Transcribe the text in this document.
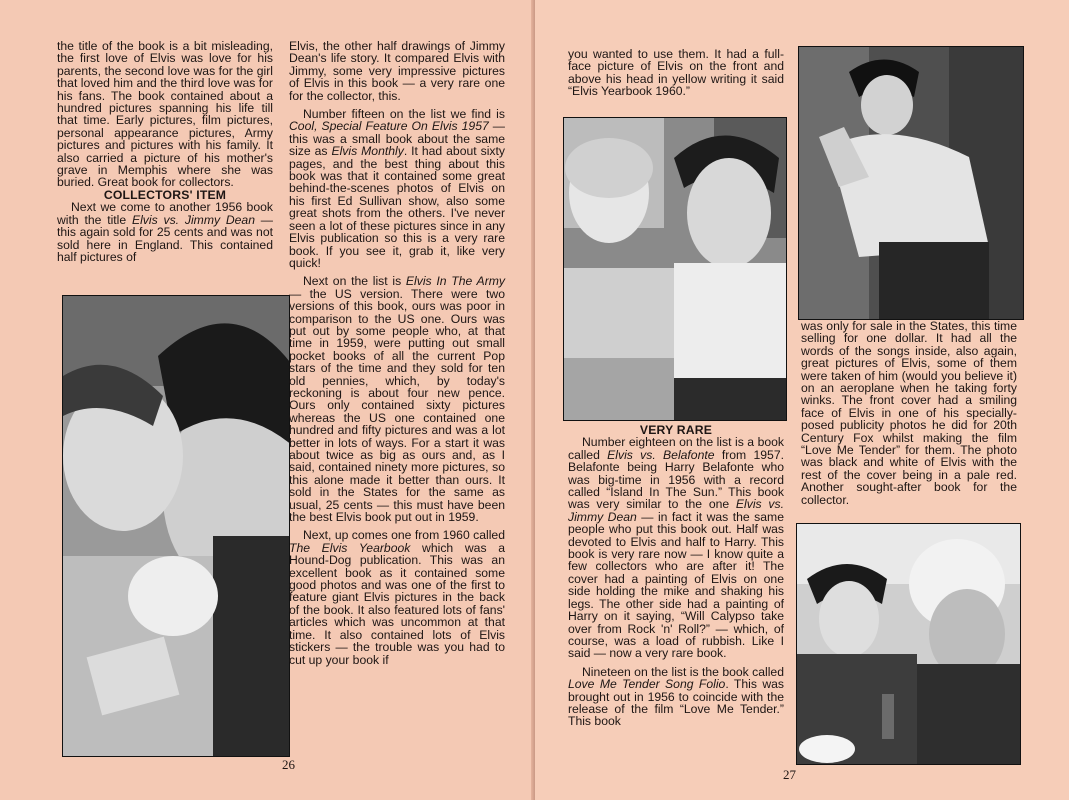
the title of the book is a bit misleading, the first love of Elvis was love for his parents, the second love was for the girl that loved him and the third love was for his fans. The book contained about a hundred pictures spanning his life till that time. Early pictures, film pictures, personal appearance pictures, Army pictures and pictures with his family. It also carried a picture of his mother's grave in Memphis where she was buried. Great book for collectors.

COLLECTORS' ITEM

Next we come to another 1956 book with the title Elvis vs. Jimmy Dean — this again sold for 25 cents and was not sold here in England. This contained half pictures of

Elvis, the other half drawings of Jimmy Dean's life story. It compared Elvis with Jimmy, some very impressive pictures of Elvis in this book — a very rare one for the collector, this.

Number fifteen on the list we find is Cool, Special Feature On Elvis 1957 — this was a small book about the same size as Elvis Monthly. It had about sixty pages, and the best thing about this book was that it contained some great behind-the-scenes photos of Elvis on his first Ed Sullivan show, also some great shots from the others. I've never seen a lot of these pictures since in any Elvis publication so this is a very rare book. If you see it, grab it, like very quick!

Next on the list is Elvis In The Army — the US version. There were two versions of this book, ours was poor in comparison to the US one. Ours was put out by some people who, at that time in 1959, were putting out small pocket books of all the current Pop stars of the time and they sold for ten old pennies, which, by today's reckoning is about four new pence. Ours only contained sixty pictures whereas the US one contained one hundred and fifty pictures and was a lot better in lots of ways. For a start it was about twice as big as ours and, as I said, contained ninety more pictures, so this alone made it better than ours. It sold in the States for the same as usual, 25 cents — this must have been the best Elvis book put out in 1959.

Next, up comes one from 1960 called The Elvis Yearbook which was a Hound-Dog publication. This was an excellent book as it contained some good photos and was one of the first to feature giant Elvis pictures in the back of the book. It also featured lots of fans' articles which was uncommon at that time. It also contained lots of Elvis stickers — the trouble was you had to cut up your book if

26

you wanted to use them. It had a full-face picture of Elvis on the front and above his head in yellow writing it said “Elvis Yearbook 1960.”

VERY RARE

Number eighteen on the list is a book called Elvis vs. Belafonte from 1957. Belafonte being Harry Belafonte who was big-time in 1956 with a record called “Island In The Sun.” This book was very similar to the one Elvis vs. Jimmy Dean — in fact it was the same people who put this book out. Half was devoted to Elvis and half to Harry. This book is very rare now — I know quite a few collectors who are after it! The cover had a painting of Elvis on one side holding the mike and shaking his legs. The other side had a painting of Harry on it saying, “Will Calypso take over from Rock 'n' Roll?” — which, of course, was a load of rubbish. Like I said — now a very rare book.

Nineteen on the list is the book called Love Me Tender Song Folio. This was brought out in 1956 to coincide with the release of the film “Love Me Tender.” This book

was only for sale in the States, this time selling for one dollar. It had all the words of the songs inside, also again, great pictures of Elvis, some of them were taken of him (would you believe it) on an aeroplane when he taking forty winks. The front cover had a smiling face of Elvis in one of his specially-posed publicity photos he did for 20th Century Fox whilst making the film “Love Me Tender” for them. The photo was black and white of Elvis with the rest of the cover being in a pale red. Another sought-after book for the collector.

27
